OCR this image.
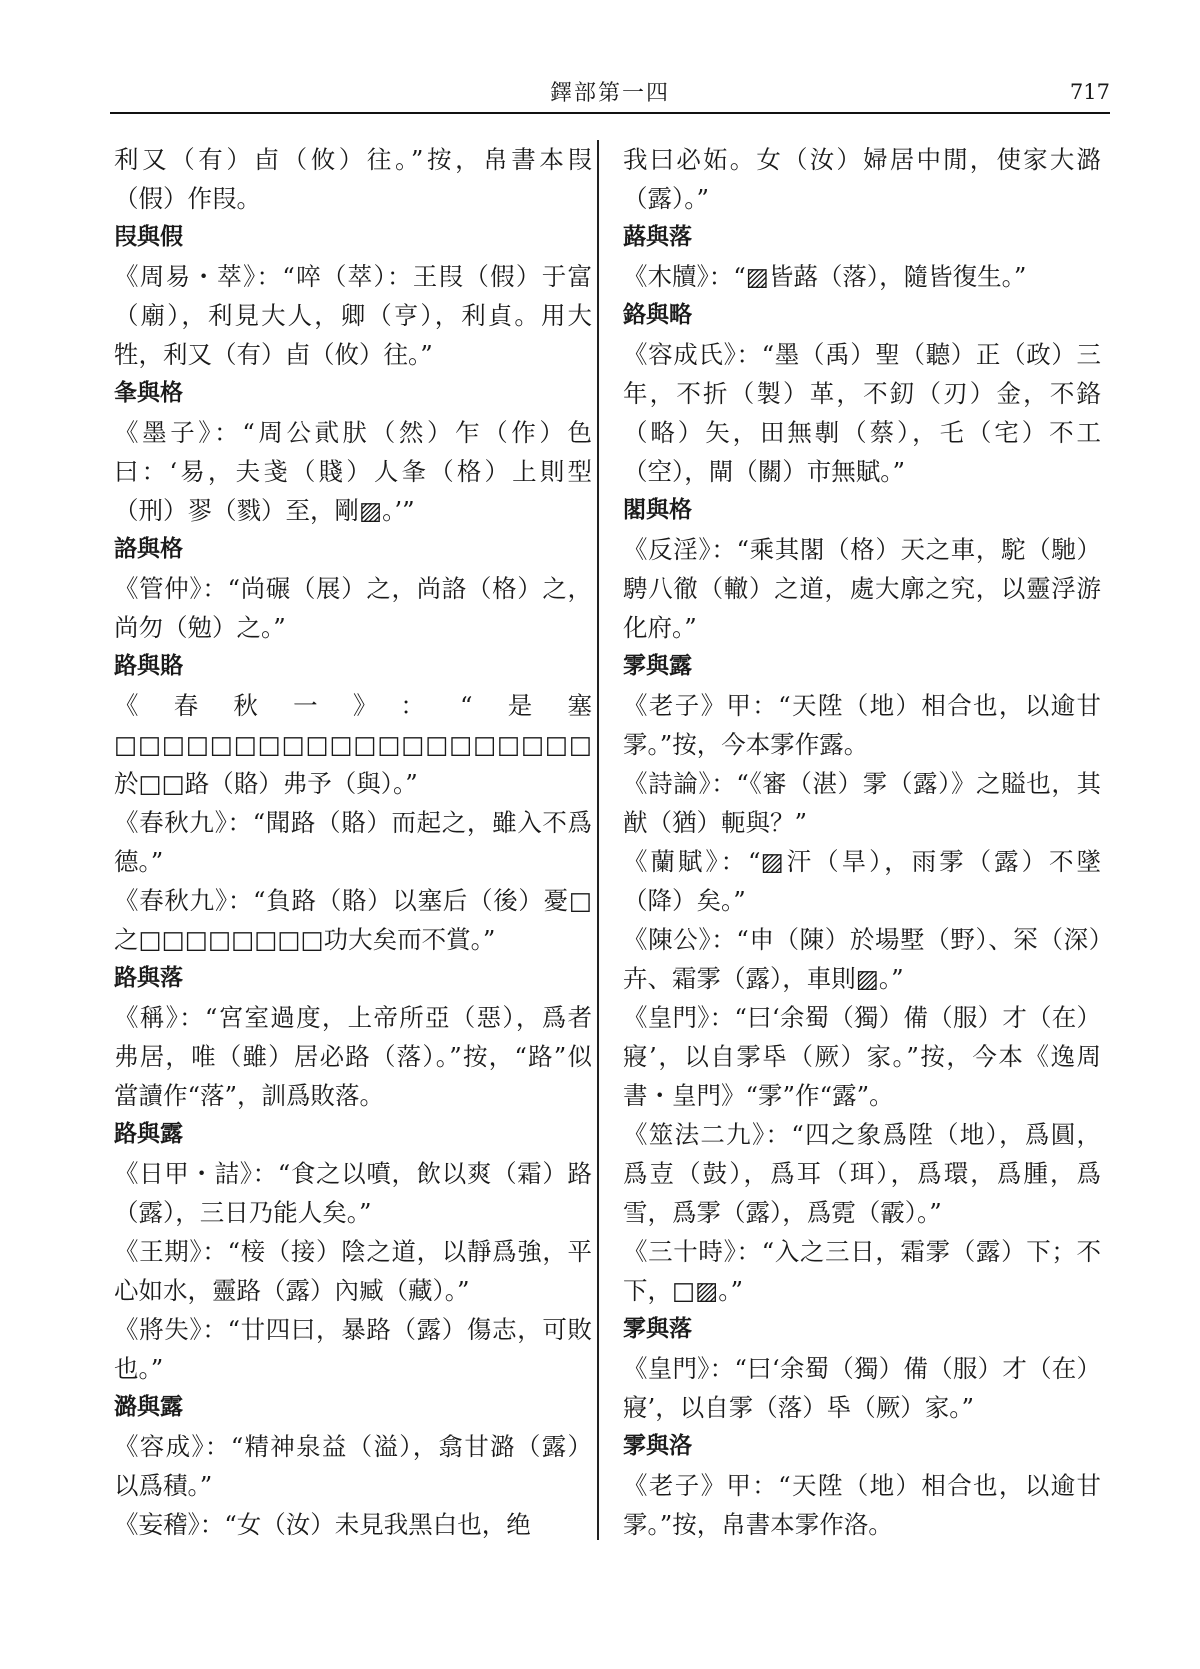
鐸部第一四	717
利又（有）卣（攸）往。”按，帛書本叚（假）作叚。
叚與假
《周易・萃》：“啐（萃）：王叚（假）于富（廟），利見大人，卿（亨），利貞。用大牲，利又（有）卣（攸）往。”
夆與格
《墨子》：“周公貮肰（然）乍（作）色曰：‘易，夫戔（賤）人夆（格）上則型（刑）翏（戮）至，剛▨。’”
詻與格
《管仲》：“尚碾（展）之，尚詻（格）之，尚勿（勉）之。”
路與賂
《春秋一》：“是塞□□□□□□□□□□□□□□□□□□□□於□□路（賂）弗予（與）。”
《春秋九》：“聞路（賂）而起之，雖入不爲德。”
《春秋九》：“負路（賂）以塞后（後）憂□之□□□□□□□□功大矣而不賞。”
路與落
《稱》：“宮室過度，上帝所亞（惡），爲者弗居，唯（雖）居必路（落）。”按，“路”似當讀作“落”，訓爲敗落。
路與露
《日甲・詰》：“食之以噴，飲以爽（霜）路（露），三日乃能人矣。”
《王期》：“椄（接）陰之道，以靜爲強，平心如水，靈路（露）內臧（藏）。”
《將失》：“廿四曰，暴路（露）傷志，可敗也。”
潞與露
《容成》：“精神泉益（溢），翕甘潞（露）以爲積。”
《妄稽》：“女（汝）未見我黑白也，绝
我曰必妬。女（汝）婦居中閒，使家大潞（露）。”
蕗與落
《木牘》：“▨皆蕗（落），隨皆復生。”
鉻與略
《容成氏》：“墨（禹）聖（聽）正（政）三年，不折（製）革，不釖（刃）金，不鉻（略）矢，田無剸（蔡），乇（宅）不工（空），閘（關）市無賦。”
閣與格
《反淫》：“乘其閣（格）天之車，駝（馳）騁八徹（轍）之道，處大廓之究，以靈浮游化府。”
雺與露
《老子》甲：“天陞（地）相合也，以逾甘雺。”按，今本雺作露。
《詩論》：“《審（湛）雺（露）》之賹也，其猷（猶）軛與？”
《蘭賦》：“▨汗（旱），雨雺（露）不墜（降）矣。”
《陳公》：“申（陳）於場墅（野）、罙（深）卉、霜雺（露），車則▨。”
《皇門》：“曰‘余蜀（獨）備（服）才（在）寢’，以自雺氒（厥）家。”按，今本《逸周書・皇門》“雺”作“露”。
《筮法二九》：“四之象爲陞（地），爲圓，爲壴（鼓），爲耳（珥），爲環，爲腫，爲雪，爲雺（露），爲霓（霰）。”
《三十時》：“入之三日，霜雺（露）下；不下，□▨。”
雺與落
《皇門》：“曰‘余蜀（獨）備（服）才（在）寢’，以自雺（落）氒（厥）家。”
雺與洛
《老子》甲：“天陞（地）相合也，以逾甘雺。”按，帛書本雺作洛。
